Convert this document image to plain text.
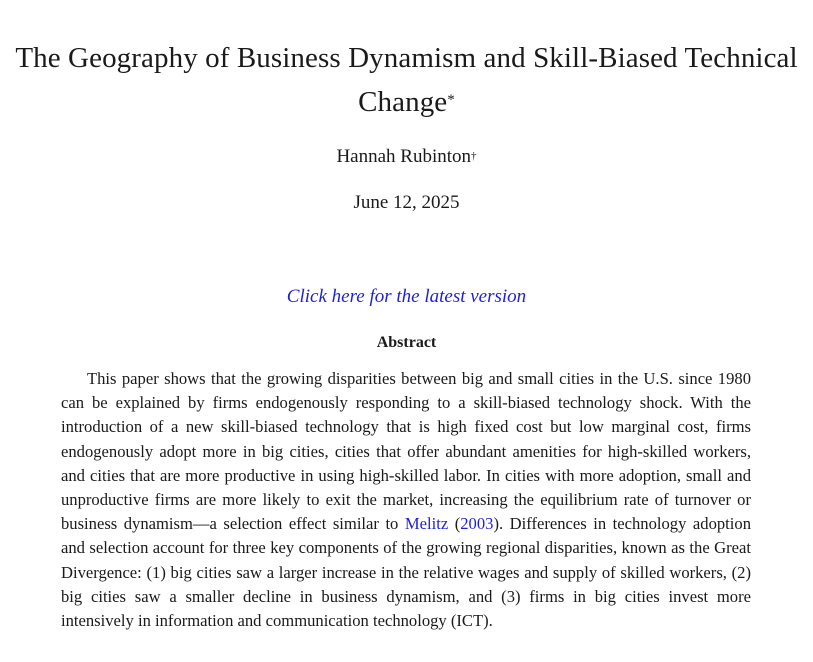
The Geography of Business Dynamism and Skill-Biased Technical Change*
Hannah Rubinton†
June 12, 2025
Click here for the latest version
Abstract

This paper shows that the growing disparities between big and small cities in the U.S. since 1980 can be explained by firms endogenously responding to a skill-biased technology shock. With the introduction of a new skill-biased technology that is high fixed cost but low marginal cost, firms endogenously adopt more in big cities, cities that offer abundant amenities for high-skilled workers, and cities that are more productive in using high-skilled labor. In cities with more adoption, small and unproductive firms are more likely to exit the market, increasing the equilibrium rate of turnover or business dynamism—a selection effect similar to Melitz (2003). Differences in technology adoption and selection account for three key components of the growing regional disparities, known as the Great Divergence: (1) big cities saw a larger increase in the relative wages and supply of skilled workers, (2) big cities saw a smaller decline in business dynamism, and (3) firms in big cities invest more intensively in information and communication technology (ICT).
